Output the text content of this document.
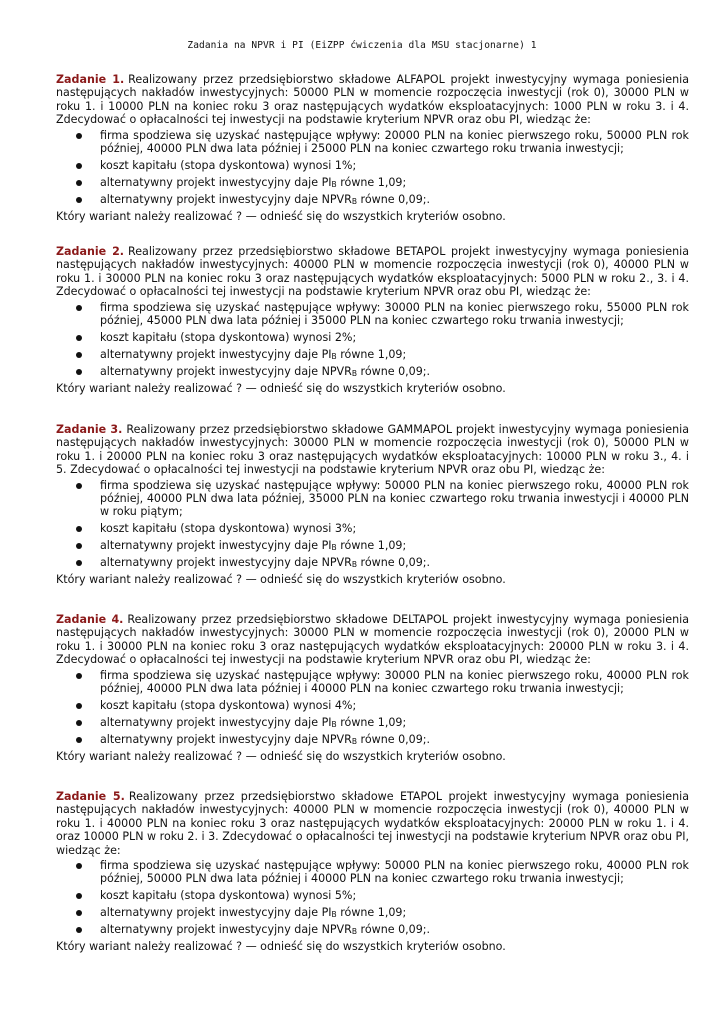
Zadania na NPVR i PI (EiZPP ćwiczenia dla MSU stacjonarne) 1

Zadanie 1. Realizowany przez przedsiębiorstwo składowe ALFAPOL projekt inwestycyjny wymaga poniesienia następujących nakładów inwestycyjnych: 50000 PLN w momencie rozpoczęcia inwestycji (rok 0), 30000 PLN w roku 1. i 10000 PLN na koniec roku 3 oraz następujących wydatków eksploatacyjnych: 1000 PLN w roku 3. i 4. Zdecydować o opłacalności tej inwestycji na podstawie kryterium NPVR oraz obu PI, wiedząc że:

firma spodziewa się uzyskać następujące wpływy: 20000 PLN na koniec pierwszego roku, 50000 PLN rok później, 40000 PLN dwa lata później i 25000 PLN na koniec czwartego roku trwania inwestycji;
koszt kapitału (stopa dyskontowa) wynosi 1%;
alternatywny projekt inwestycyjny daje $PI_B$ równe 1,09;
alternatywny projekt inwestycyjny daje $NPVR_B$ równe 0,09;.

Który wariant należy realizować ? — odnieść się do wszystkich kryteriów osobno.

Zadanie 2. Realizowany przez przedsiębiorstwo składowe BETAPOL projekt inwestycyjny wymaga poniesienia następujących nakładów inwestycyjnych: 40000 PLN w momencie rozpoczęcia inwestycji (rok 0), 40000 PLN w roku 1. i 30000 PLN na koniec roku 3 oraz następujących wydatków eksploatacyjnych: 5000 PLN w roku 2., 3. i 4. Zdecydować o opłacalności tej inwestycji na podstawie kryterium NPVR oraz obu PI, wiedząc że:

firma spodziewa się uzyskać następujące wpływy: 30000 PLN na koniec pierwszego roku, 55000 PLN rok później, 45000 PLN dwa lata później i 35000 PLN na koniec czwartego roku trwania inwestycji;
koszt kapitału (stopa dyskontowa) wynosi 2%;
alternatywny projekt inwestycyjny daje $PI_B$ równe 1,09;
alternatywny projekt inwestycyjny daje $NPVR_B$ równe 0,09;.

Który wariant należy realizować ? — odnieść się do wszystkich kryteriów osobno.

Zadanie 3. Realizowany przez przedsiębiorstwo składowe GAMMAPOL projekt inwestycyjny wymaga poniesienia następujących nakładów inwestycyjnych: 30000 PLN w momencie rozpoczęcia inwestycji (rok 0), 50000 PLN w roku 1. i 20000 PLN na koniec roku 3 oraz następujących wydatków eksploatacyjnych: 10000 PLN w roku 3., 4. i 5. Zdecydować o opłacalności tej inwestycji na podstawie kryterium NPVR oraz obu PI, wiedząc że:

firma spodziewa się uzyskać następujące wpływy: 50000 PLN na koniec pierwszego roku, 40000 PLN rok później, 40000 PLN dwa lata później, 35000 PLN na koniec czwartego roku trwania inwestycji i 40000 PLN w roku piątym;
koszt kapitału (stopa dyskontowa) wynosi 3%;
alternatywny projekt inwestycyjny daje $PI_B$ równe 1,09;
alternatywny projekt inwestycyjny daje $NPVR_B$ równe 0,09;.

Który wariant należy realizować ? — odnieść się do wszystkich kryteriów osobno.

Zadanie 4. Realizowany przez przedsiębiorstwo składowe DELTAPOL projekt inwestycyjny wymaga poniesienia następujących nakładów inwestycyjnych: 30000 PLN w momencie rozpoczęcia inwestycji (rok 0), 20000 PLN w roku 1. i 30000 PLN na koniec roku 3 oraz następujących wydatków eksploatacyjnych: 20000 PLN w roku 3. i 4. Zdecydować o opłacalności tej inwestycji na podstawie kryterium NPVR oraz obu PI, wiedząc że:

firma spodziewa się uzyskać następujące wpływy: 30000 PLN na koniec pierwszego roku, 40000 PLN rok później, 40000 PLN dwa lata później i 40000 PLN na koniec czwartego roku trwania inwestycji;
koszt kapitału (stopa dyskontowa) wynosi 4%;
alternatywny projekt inwestycyjny daje $PI_B$ równe 1,09;
alternatywny projekt inwestycyjny daje $NPVR_B$ równe 0,09;.

Który wariant należy realizować ? — odnieść się do wszystkich kryteriów osobno.

Zadanie 5. Realizowany przez przedsiębiorstwo składowe ETAPOL projekt inwestycyjny wymaga poniesienia następujących nakładów inwestycyjnych: 40000 PLN w momencie rozpoczęcia inwestycji (rok 0), 40000 PLN w roku 1. i 40000 PLN na koniec roku 3 oraz następujących wydatków eksploatacyjnych: 20000 PLN w roku 1. i 4. oraz 10000 PLN w roku 2. i 3. Zdecydować o opłacalności tej inwestycji na podstawie kryterium NPVR oraz obu PI, wiedząc że:

firma spodziewa się uzyskać następujące wpływy: 50000 PLN na koniec pierwszego roku, 40000 PLN rok później, 50000 PLN dwa lata później i 40000 PLN na koniec czwartego roku trwania inwestycji;
koszt kapitału (stopa dyskontowa) wynosi 5%;
alternatywny projekt inwestycyjny daje $PI_B$ równe 1,09;
alternatywny projekt inwestycyjny daje $NPVR_B$ równe 0,09;.

Który wariant należy realizować ? — odnieść się do wszystkich kryteriów osobno.
